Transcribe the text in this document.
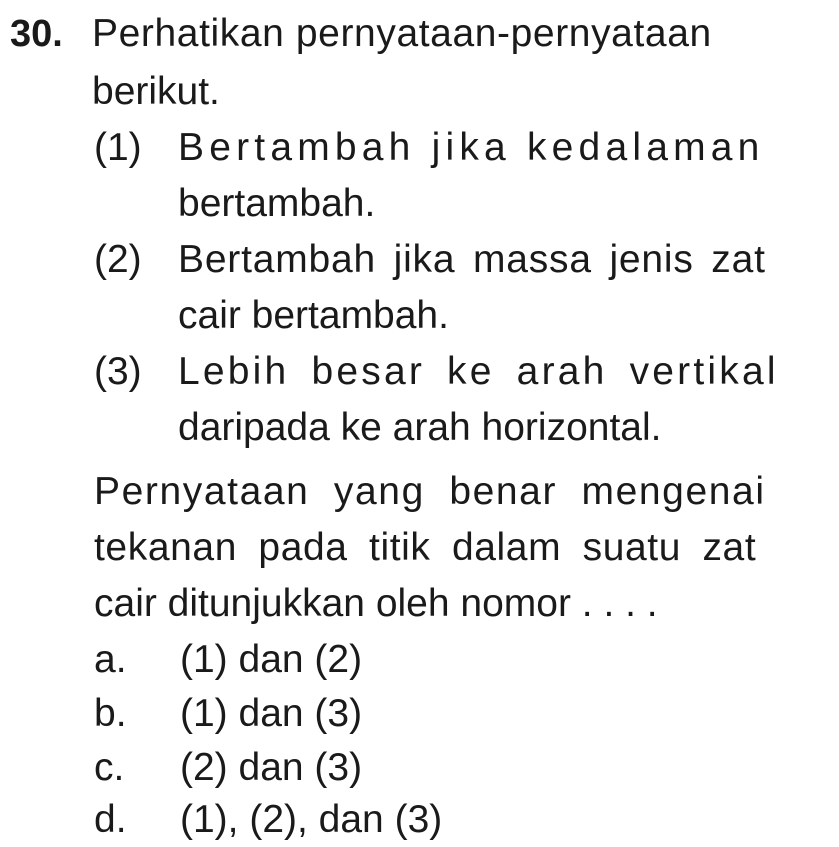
30. Perhatikan pernyataan-pernyataan
berikut.
(1) Bertambah jika kedalaman
bertambah.
(2) Bertambah jika massa jenis zat
cair bertambah.
(3) Lebih besar ke arah vertikal
daripada ke arah horizontal.
Pernyataan yang benar mengenai
tekanan pada titik dalam suatu zat
cair ditunjukkan oleh nomor . . . .
a. (1) dan (2)
b. (1) dan (3)
c. (2) dan (3)
d. (1), (2), dan (3)
